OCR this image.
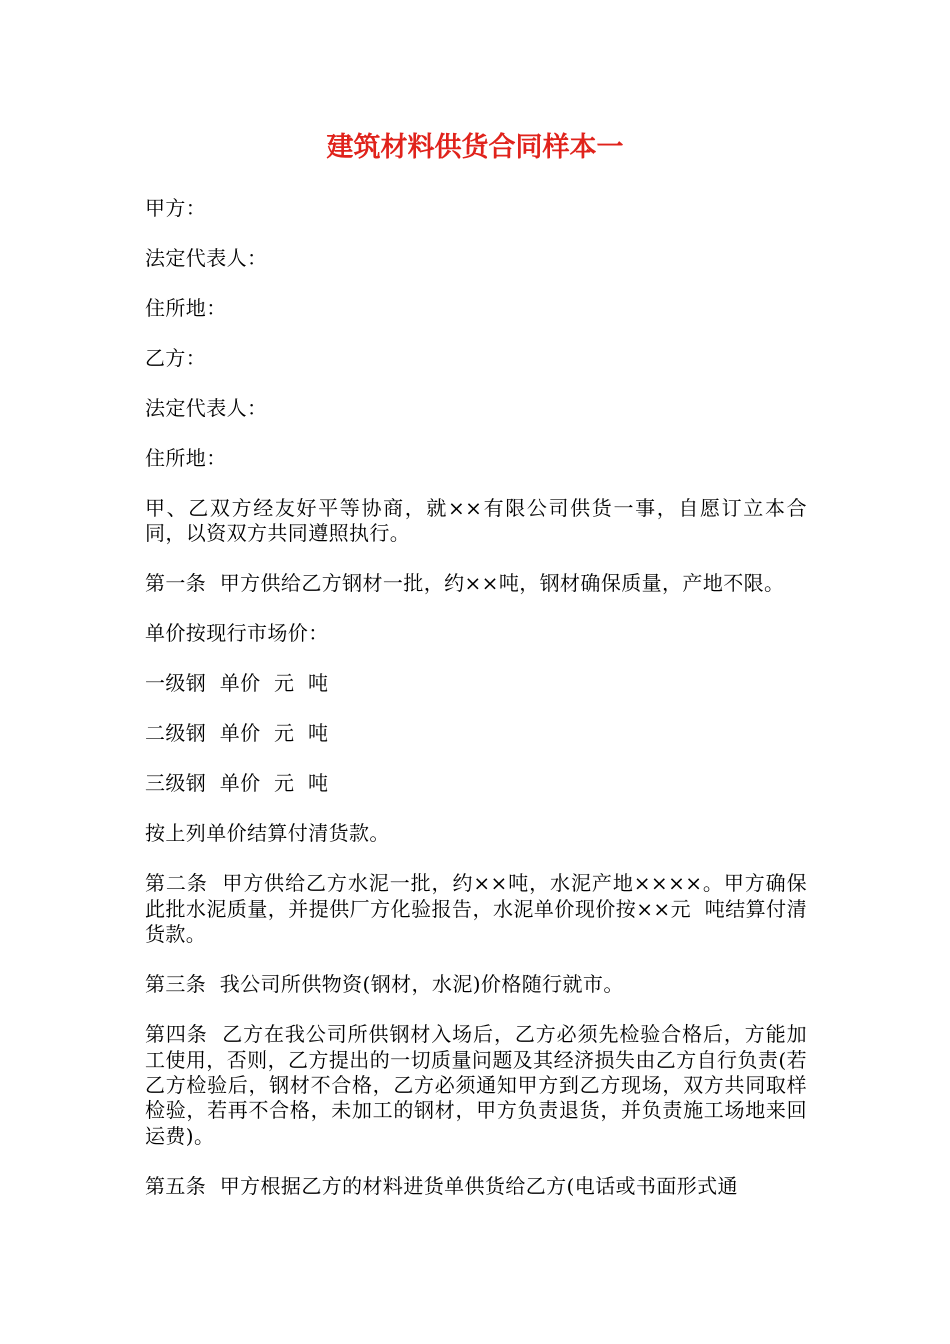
建筑材料供货合同样本一

甲方：

法定代表人：

住所地：

乙方：

法定代表人：

住所地：

甲、乙双方经友好平等协商，就××有限公司供货一事，自愿订立本合同，以资双方共同遵照执行。

第一条  甲方供给乙方钢材一批，约××吨，钢材确保质量，产地不限。

单价按现行市场价：

一级钢  单价  元  吨

二级钢  单价  元  吨

三级钢  单价  元  吨

按上列单价结算付清货款。

第二条  甲方供给乙方水泥一批，约××吨，水泥产地××××。甲方确保此批水泥质量，并提供厂方化验报告，水泥单价现价按××元  吨结算付清货款。

第三条  我公司所供物资(钢材，水泥)价格随行就市。

第四条  乙方在我公司所供钢材入场后，乙方必须先检验合格后，方能加工使用，否则，乙方提出的一切质量问题及其经济损失由乙方自行负责(若乙方检验后，钢材不合格，乙方必须通知甲方到乙方现场，双方共同取样检验，若再不合格，未加工的钢材，甲方负责退货，并负责施工场地来回运费)。

第五条  甲方根据乙方的材料进货单供货给乙方(电话或书面形式通
